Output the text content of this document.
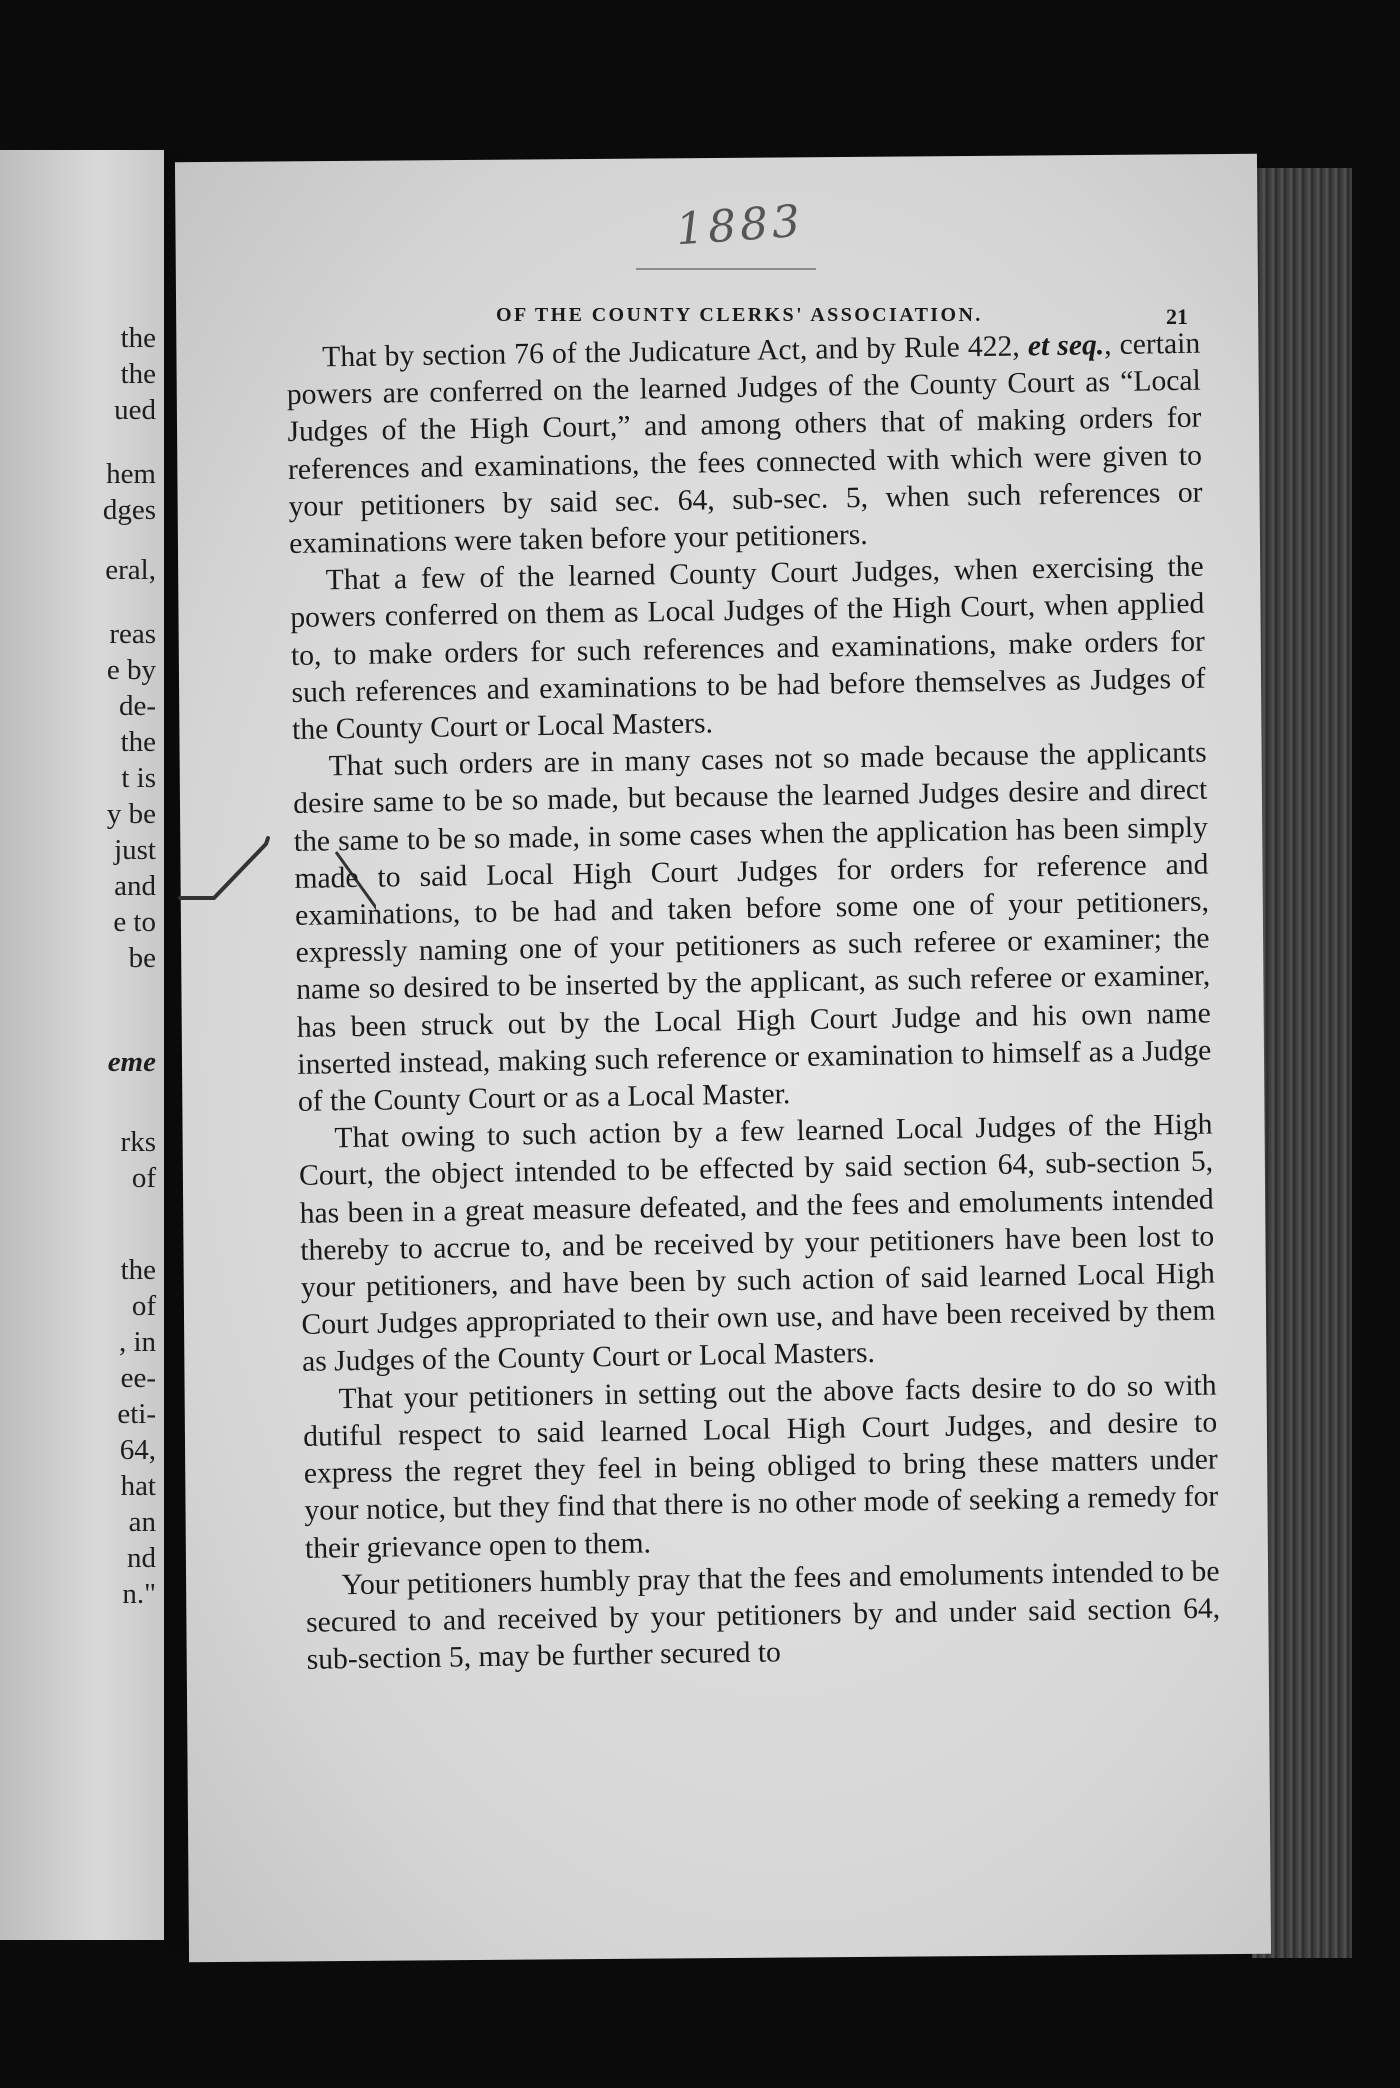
the
the
ued
hem
dges
eral,
reas
e by
de-
the
t is
y be
just
and
e to
be
eme
rks
of
the
of
, in
ee-
eti-
64,
hat
an
nd
n."
1883
OF THE COUNTY CLERKS' ASSOCIATION.	21

That by section 76 of the Judicature Act, and by Rule 422, et seq., certain powers are conferred on the learned Judges of the County Court as “Local Judges of the High Court,” and among others that of making orders for references and examinations, the fees connected with which were given to your petitioners by said sec. 64, sub-sec. 5, when such references or examinations were taken before your petitioners.

That a few of the learned County Court Judges, when exercising the powers conferred on them as Local Judges of the High Court, when applied to, to make orders for such references and examinations, make orders for such references and examinations to be had before themselves as Judges of the County Court or Local Masters.

That such orders are in many cases not so made because the applicants desire same to be so made, but because the learned Judges desire and direct the same to be so made, in some cases when the application has been simply made to said Local High Court Judges for orders for reference and examinations, to be had and taken before some one of your petitioners, expressly naming one of your petitioners as such referee or examiner; the name so desired to be inserted by the applicant, as such referee or examiner, has been struck out by the Local High Court Judge and his own name inserted instead, making such reference or examination to himself as a Judge of the County Court or as a Local Master.

That owing to such action by a few learned Local Judges of the High Court, the object intended to be effected by said section 64, sub-section 5, has been in a great measure defeated, and the fees and emoluments intended thereby to accrue to, and be received by your petitioners have been lost to your petitioners, and have been by such action of said learned Local High Court Judges appropriated to their own use, and have been received by them as Judges of the County Court or Local Masters.

That your petitioners in setting out the above facts desire to do so with dutiful respect to said learned Local High Court Judges, and desire to express the regret they feel in being obliged to bring these matters under your notice, but they find that there is no other mode of seeking a remedy for their grievance open to them.

Your petitioners humbly pray that the fees and emoluments intended to be secured to and received by your petitioners by and under said section 64, sub-section 5, may be further secured to
